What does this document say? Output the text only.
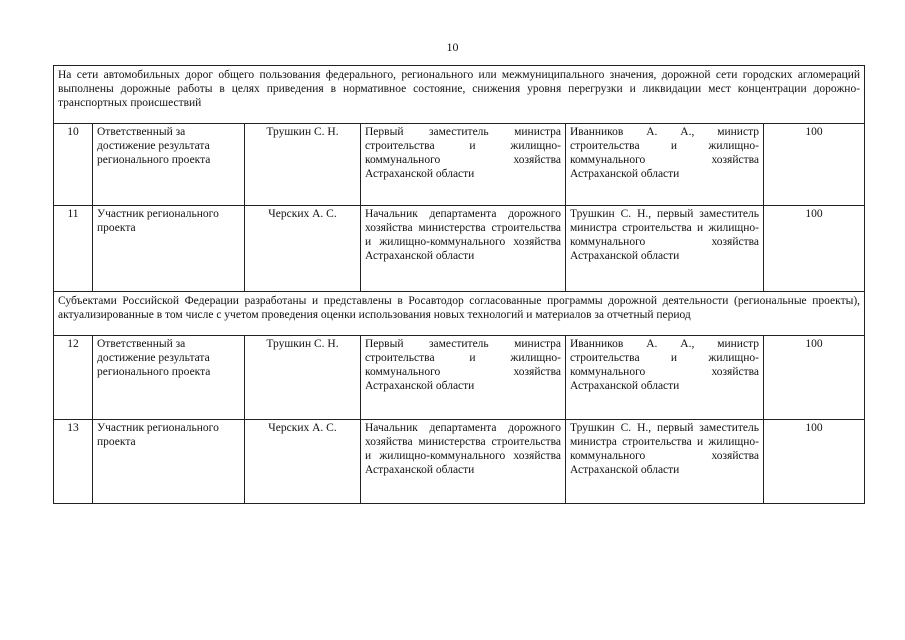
10
На сети автомобильных дорог общего пользования федерального, регионального или межмуниципального значения, дорожной сети городских агломераций выполнены дорожные работы в целях приведения в нормативное состояние, снижения уровня перегрузки и ликвидации мест концентрации дорожно-транспортных происшествий					
10	Ответственный за достижение результата регионального проекта	Трушкин С. Н.	Первый заместитель министра строительства и жилищно-коммунального хозяйства Астраханской области	Иванников А. А., министр строительства и жилищно-коммунального хозяйства Астраханской области	100
11	Участник регионального проекта	Черских А. С.	Начальник департамента дорожного хозяйства министерства строительства и жилищно-коммунального хозяйства Астраханской области	Трушкин С. Н., первый заместитель министра строительства и жилищно-коммунального хозяйства Астраханской области	100
Субъектами Российской Федерации разработаны и представлены в Росавтодор согласованные программы дорожной деятельности (региональные проекты), актуализированные в том числе с учетом проведения оценки использования новых технологий и материалов за отчетный период					
12	Ответственный за достижение результата регионального проекта	Трушкин С. Н.	Первый заместитель министра строительства и жилищно-коммунального хозяйства Астраханской области	Иванников А. А., министр строительства и жилищно-коммунального хозяйства Астраханской области	100
13	Участник регионального проекта	Черских А. С.	Начальник департамента дорожного хозяйства министерства строительства и жилищно-коммунального хозяйства Астраханской области	Трушкин С. Н., первый заместитель министра строительства и жилищно-коммунального хозяйства Астраханской области	100
